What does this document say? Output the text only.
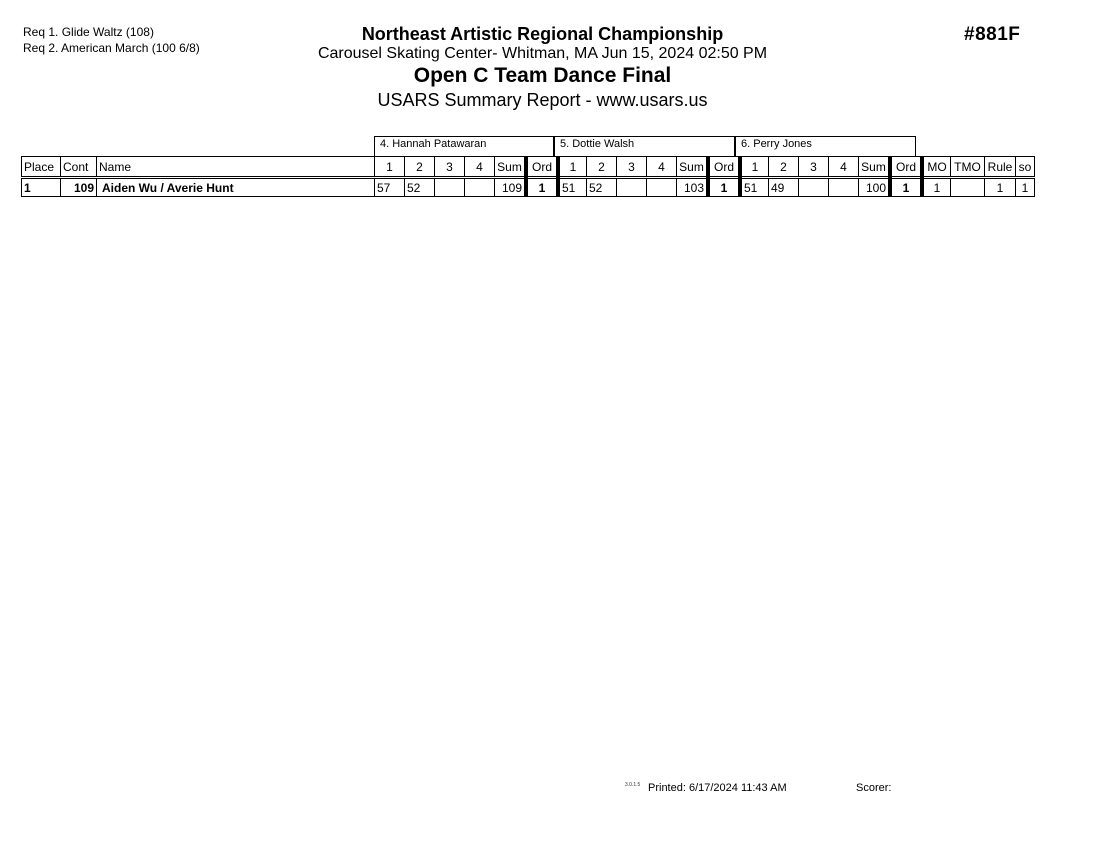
Req 1. Glide Waltz (108)
Req 2. American March (100 6/8)
Northeast Artistic Regional Championship
Carousel Skating Center- Whitman, MA Jun 15, 2024 02:50 PM
Open C Team Dance Final
USARS Summary Report - www.usars.us
#881F
4. Hannah Patawaran	5. Dottie Walsh	6. Perry Jones
Place	Cont	Name	1	2	3	4	Sum	Ord	1	2	3	4	Sum	Ord	1	2	3	4	Sum	Ord	MO	TMO	Rule	so
1	109	Aiden Wu / Averie Hunt	57	52			109	1	51	52			103	1	51	49			100	1	1		1	1
3.0.1.5 Printed: 6/17/2024 11:43 AM	Scorer:
